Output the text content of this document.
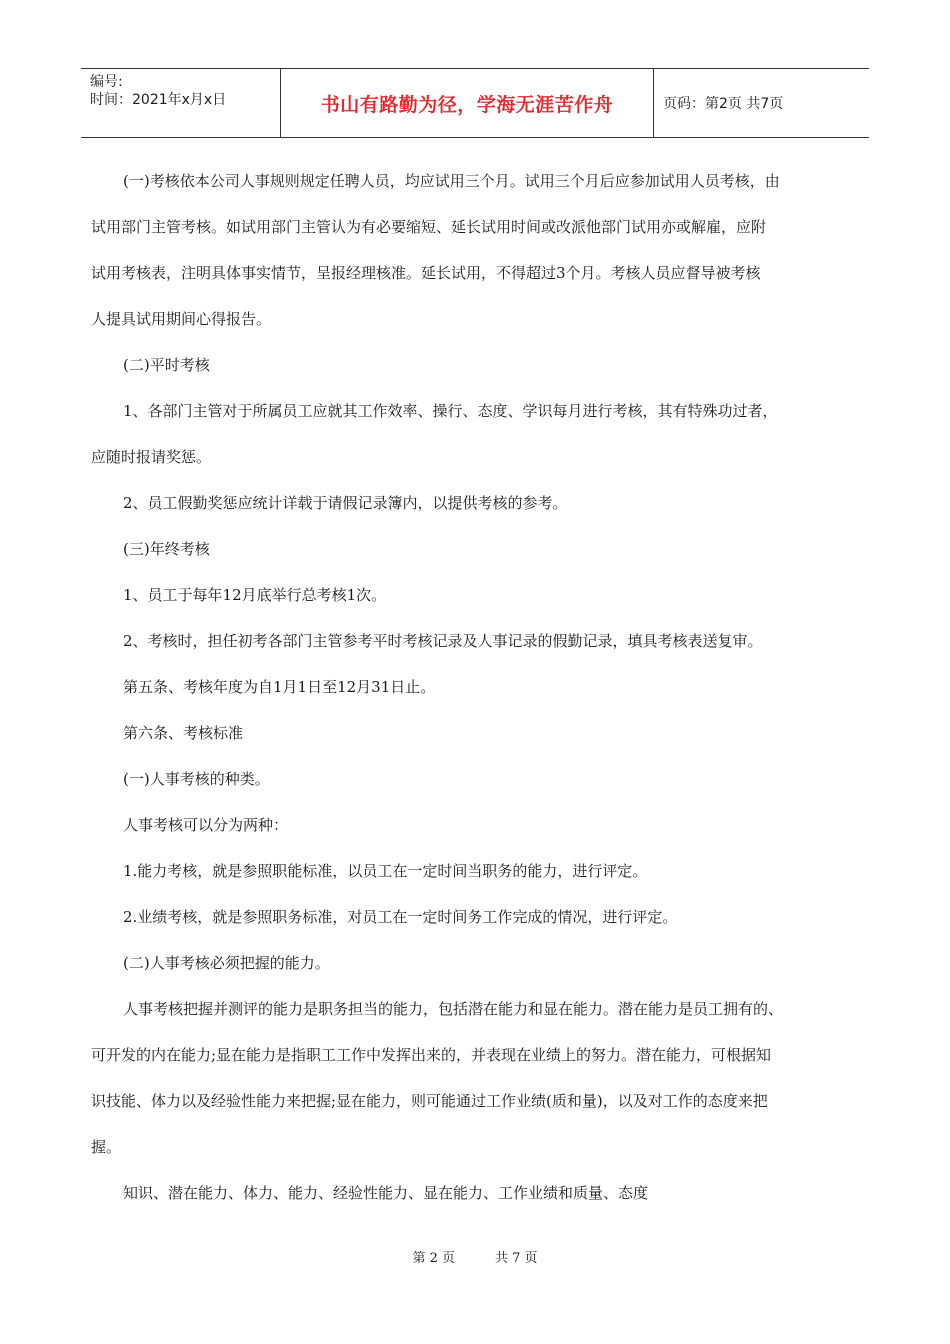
编号:
时间：2021年x月x日	书山有路勤为径，学海无涯苦作舟	页码：第2页 共7页
(一)考核依本公司人事规则规定任聘人员，均应试用三个月。试用三个月后应参加试用人员考核，由
试用部门主管考核。如试用部门主管认为有必要缩短、延长试用时间或改派他部门试用亦或解雇，应附
试用考核表，注明具体事实情节，呈报经理核准。延长试用，不得超过3个月。考核人员应督导被考核
人提具试用期间心得报告。
(二)平时考核
1、各部门主管对于所属员工应就其工作效率、操行、态度、学识每月进行考核，其有特殊功过者，
应随时报请奖惩。
2、员工假勤奖惩应统计详载于请假记录簿内，以提供考核的参考。
(三)年终考核
1、员工于每年12月底举行总考核1次。
2、考核时，担任初考各部门主管参考平时考核记录及人事记录的假勤记录，填具考核表送复审。
第五条、考核年度为自1月1日至12月31日止。
第六条、考核标准
(一)人事考核的种类。
人事考核可以分为两种：
1.能力考核，就是参照职能标准，以员工在一定时间当职务的能力，进行评定。
2.业绩考核，就是参照职务标准，对员工在一定时间务工作完成的情况，进行评定。
(二)人事考核必须把握的能力。
人事考核把握并测评的能力是职务担当的能力，包括潜在能力和显在能力。潜在能力是员工拥有的、
可开发的内在能力;显在能力是指职工工作中发挥出来的，并表现在业绩上的努力。潜在能力，可根据知
识技能、体力以及经验性能力来把握;显在能力，则可能通过工作业绩(质和量)，以及对工作的态度来把
握。
知识、潜在能力、体力、能力、经验性能力、显在能力、工作业绩和质量、态度
第 2 页	共 7 页
